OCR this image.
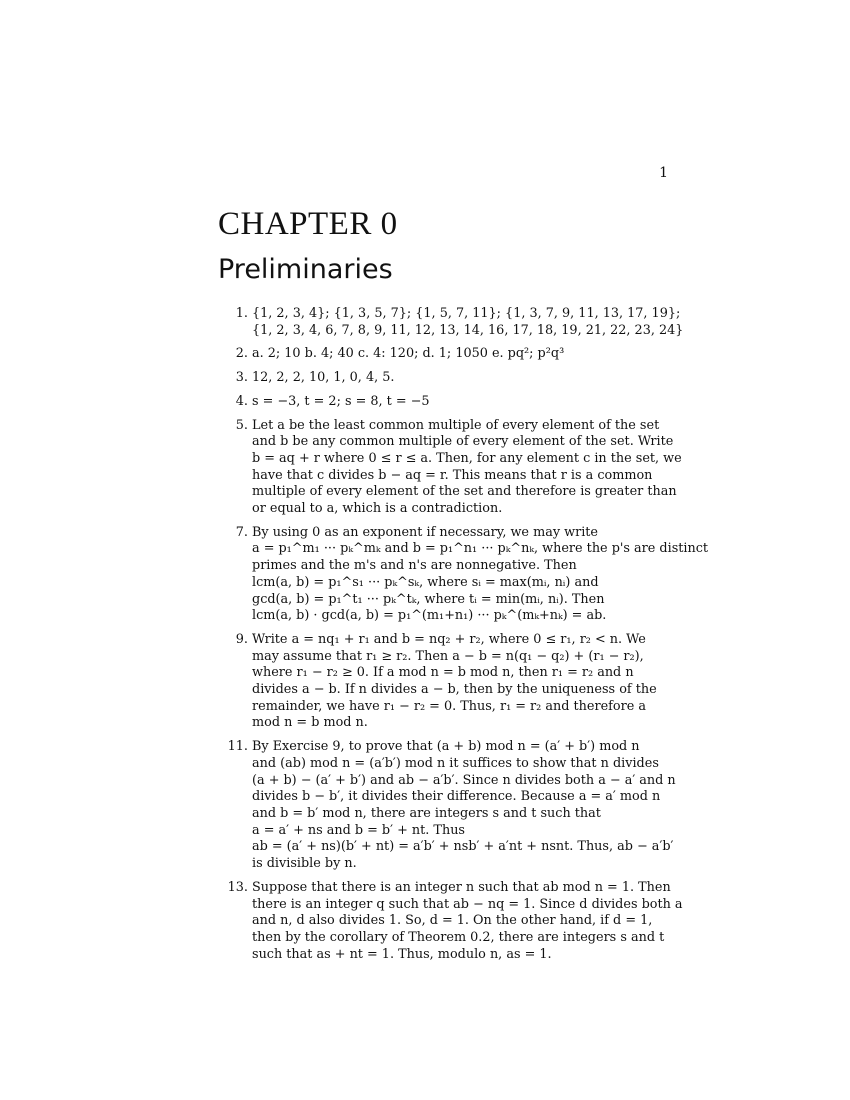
1
CHAPTER 0
Preliminaries
1. {1, 2, 3, 4}; {1, 3, 5, 7}; {1, 5, 7, 11}; {1, 3, 7, 9, 11, 13, 17, 19};
{1, 2, 3, 4, 6, 7, 8, 9, 11, 12, 13, 14, 16, 17, 18, 19, 21, 22, 23, 24}
2. a. 2; 10 b. 4; 40 c. 4: 120; d. 1; 1050 e. pq²; p²q³
3. 12, 2, 2, 10, 1, 0, 4, 5.
4. s = −3, t = 2; s = 8, t = −5
5. Let a be the least common multiple of every element of the set
and b be any common multiple of every element of the set. Write
b = aq + r where 0 ≤ r ≤ a. Then, for any element c in the set, we
have that c divides b − aq = r. This means that r is a common
multiple of every element of the set and therefore is greater than
or equal to a, which is a contradiction.
7. By using 0 as an exponent if necessary, we may write
a = p₁^m₁ ··· pₖ^mₖ and b = p₁^n₁ ··· pₖ^nₖ, where the p's are distinct
primes and the m's and n's are nonnegative. Then
lcm(a, b) = p₁^s₁ ··· pₖ^sₖ, where sᵢ = max(mᵢ, nᵢ) and
gcd(a, b) = p₁^t₁ ··· pₖ^tₖ, where tᵢ = min(mᵢ, nᵢ). Then
lcm(a, b) · gcd(a, b) = p₁^(m₁+n₁) ··· pₖ^(mₖ+nₖ) = ab.
9. Write a = nq₁ + r₁ and b = nq₂ + r₂, where 0 ≤ r₁, r₂ < n. We
may assume that r₁ ≥ r₂. Then a − b = n(q₁ − q₂) + (r₁ − r₂),
where r₁ − r₂ ≥ 0. If a mod n = b mod n, then r₁ = r₂ and n
divides a − b. If n divides a − b, then by the uniqueness of the
remainder, we have r₁ − r₂ = 0. Thus, r₁ = r₂ and therefore a
mod n = b mod n.
11. By Exercise 9, to prove that (a + b) mod n = (a′ + b′) mod n
and (ab) mod n = (a′b′) mod n it suffices to show that n divides
(a + b) − (a′ + b′) and ab − a′b′. Since n divides both a − a′ and n
divides b − b′, it divides their difference. Because a = a′ mod n
and b = b′ mod n, there are integers s and t such that
a = a′ + ns and b = b′ + nt. Thus
ab = (a′ + ns)(b′ + nt) = a′b′ + nsb′ + a′nt + nsnt. Thus, ab − a′b′
is divisible by n.
13. Suppose that there is an integer n such that ab mod n = 1. Then
there is an integer q such that ab − nq = 1. Since d divides both a
and n, d also divides 1. So, d = 1. On the other hand, if d = 1,
then by the corollary of Theorem 0.2, there are integers s and t
such that as + nt = 1. Thus, modulo n, as = 1.
